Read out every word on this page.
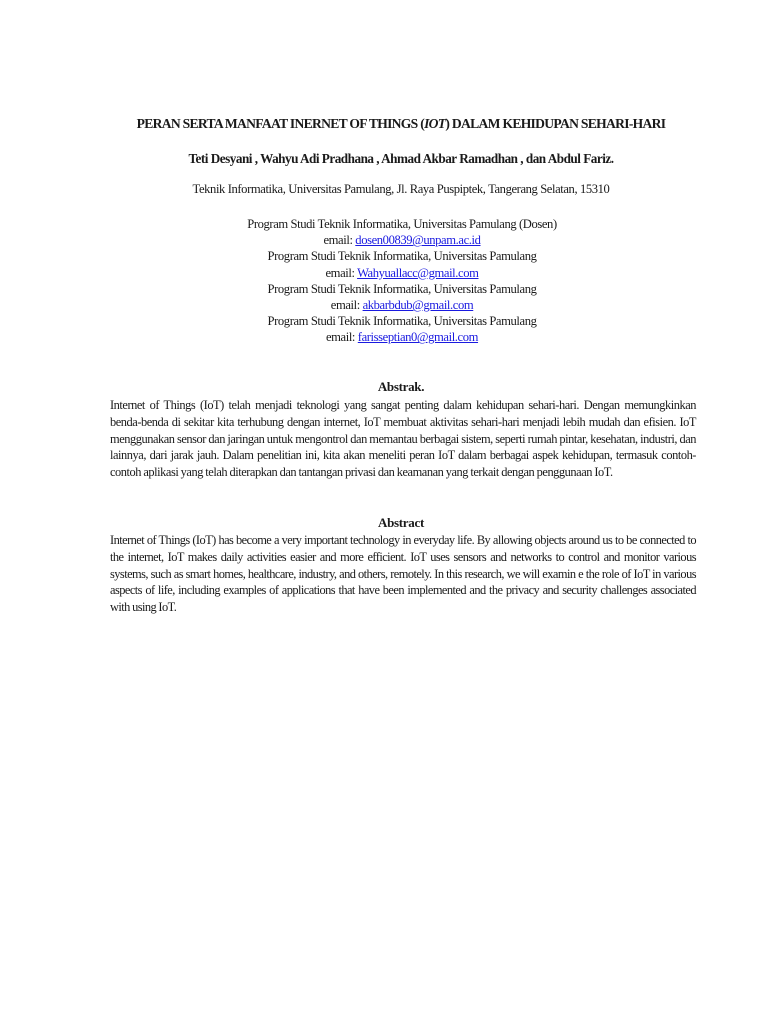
PERAN SERTA MANFAAT INERNET OF THINGS (IOT) DALAM KEHIDUPAN SEHARI-HARI
Teti Desyani , Wahyu Adi Pradhana , Ahmad Akbar Ramadhan , dan Abdul Fariz.
Teknik Informatika, Universitas Pamulang, Jl. Raya Puspiptek, Tangerang Selatan, 15310
Program Studi Teknik Informatika, Universitas Pamulang (Dosen)
email: dosen00839@unpam.ac.id
Program Studi Teknik Informatika, Universitas Pamulang
email: Wahyuallacc@gmail.com
Program Studi Teknik Informatika, Universitas Pamulang
email: akbarbdub@gmail.com
Program Studi Teknik Informatika, Universitas Pamulang
email: farisseptian0@gmail.com
Abstrak.
Internet of Things (IoT) telah menjadi teknologi yang sangat penting dalam kehidupan sehari-hari. Dengan memungkinkan benda-benda di sekitar kita terhubung dengan internet, IoT membuat aktivitas sehari-hari menjadi lebih mudah dan efisien. IoT menggunakan sensor dan jaringan untuk mengontrol dan memantau berbagai sistem, seperti rumah pintar, kesehatan, industri, dan lainnya, dari jarak jauh. Dalam penelitian ini, kita akan meneliti peran IoT dalam berbagai aspek kehidupan, termasuk contoh-contoh aplikasi yang telah diterapkan dan tantangan privasi dan keamanan yang terkait dengan penggunaan IoT.
Abstract
Internet of Things (IoT) has become a very important technology in everyday life. By allowing objects around us to be connected to the internet, IoT makes daily activities easier and more efficient. IoT uses sensors and networks to control and monitor various systems, such as smart homes, healthcare, industry, and others, remotely. In this research, we will examin e the role of IoT in various aspects of life, including examples of applications that have been implemented and the privacy and security challenges associated with using IoT.
